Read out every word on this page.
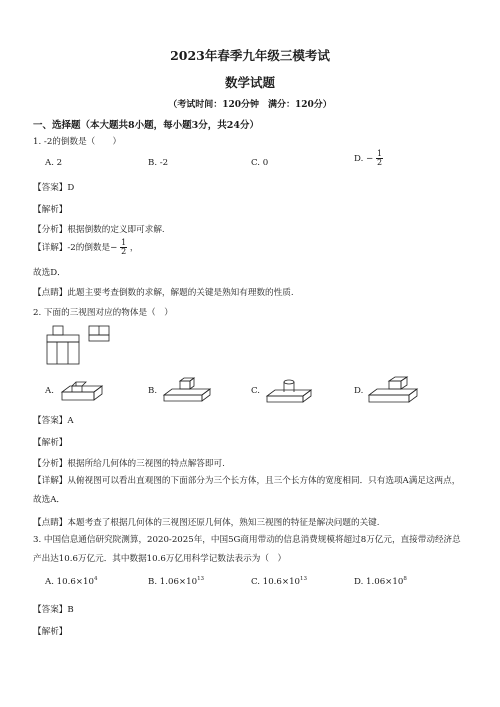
2023年春季九年级三模考试
数学试题
（考试时间：120分钟　满分：120分）
一、选择题（本大题共8小题，每小题3分，共24分）
1. -2的倒数是（　　）
A. 2	B. -2	C. 0	D. − $\frac{1}{2}$
【答案】D
【解析】
【分析】根据倒数的定义即可求解.
【详解】-2的倒数是− $\frac{1}{2}$ ，
故选D．
【点睛】此题主要考查倒数的求解，解题的关键是熟知有理数的性质.
2. 下面的三视图对应的物体是（　）
A.	B.	C.	D.
【答案】A
【解析】
【分析】根据所给几何体的三视图的特点解答即可.
【详解】从俯视图可以看出直观图的下面部分为三个长方体，且三个长方体的宽度相同．只有选项A满足这两点，故选A．
【点睛】本题考查了根据几何体的三视图还原几何体，熟知三视图的特征是解决问题的关键.
3. 中国信息通信研究院测算，2020-2025年，中国5G商用带动的信息消费规模将超过8万亿元，直接带动经济总产出达10.6万亿元．其中数据10.6万亿用科学记数法表示为（　）
A. $10.6\times 10^4$	B. $1.06\times 10^{13}$	C. $10.6\times 10^{13}$	D. $1.06\times 10^8$
【答案】B
【解析】
